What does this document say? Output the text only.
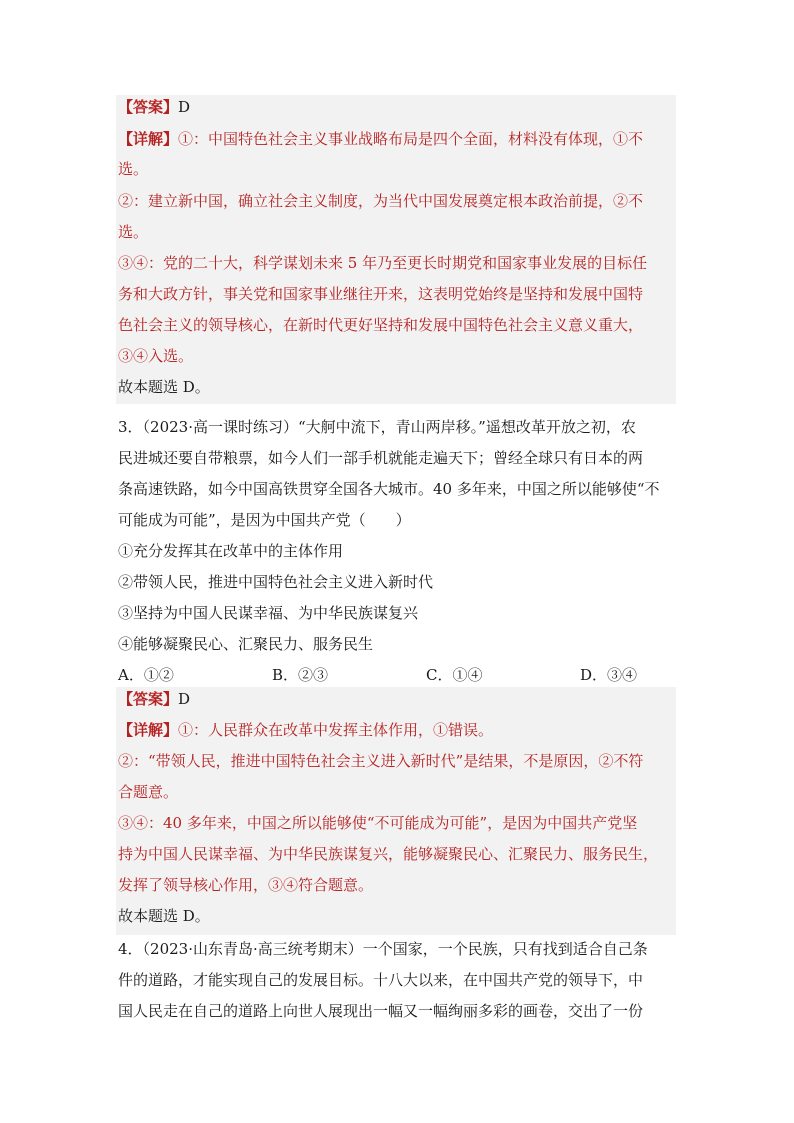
【答案】D
【详解】①：中国特色社会主义事业战略布局是四个全面，材料没有体现，①不
选。
②：建立新中国，确立社会主义制度，为当代中国发展奠定根本政治前提，②不
选。
③④：党的二十大，科学谋划未来 5 年乃至更长时期党和国家事业发展的目标任
务和大政方针，事关党和国家事业继往开来，这表明党始终是坚持和发展中国特
色社会主义的领导核心，在新时代更好坚持和发展中国特色社会主义意义重大，
③④入选。
故本题选 D。
3．（2023·高一课时练习）“大舸中流下，青山两岸移。”遥想改革开放之初，农
民进城还要自带粮票，如今人们一部手机就能走遍天下；曾经全球只有日本的两
条高速铁路，如今中国高铁贯穿全国各大城市。40 多年来，中国之所以能够使“不
可能成为可能”，是因为中国共产党（　　）
①充分发挥其在改革中的主体作用
②带领人民，推进中国特色社会主义进入新时代
③坚持为中国人民谋幸福、为中华民族谋复兴
④能够凝聚民心、汇聚民力、服务民生
A．①②	B．②③	C．①④	D．③④
【答案】D
【详解】①：人民群众在改革中发挥主体作用，①错误。
②：“带领人民，推进中国特色社会主义进入新时代”是结果，不是原因，②不符
合题意。
③④：40 多年来，中国之所以能够使“不可能成为可能”，是因为中国共产党坚
持为中国人民谋幸福、为中华民族谋复兴，能够凝聚民心、汇聚民力、服务民生，
发挥了领导核心作用，③④符合题意。
故本题选 D。
4．（2023·山东青岛·高三统考期末）一个国家，一个民族，只有找到适合自己条
件的道路，才能实现自己的发展目标。十八大以来，在中国共产党的领导下，中
国人民走在自己的道路上向世人展现出一幅又一幅绚丽多彩的画卷，交出了一份
